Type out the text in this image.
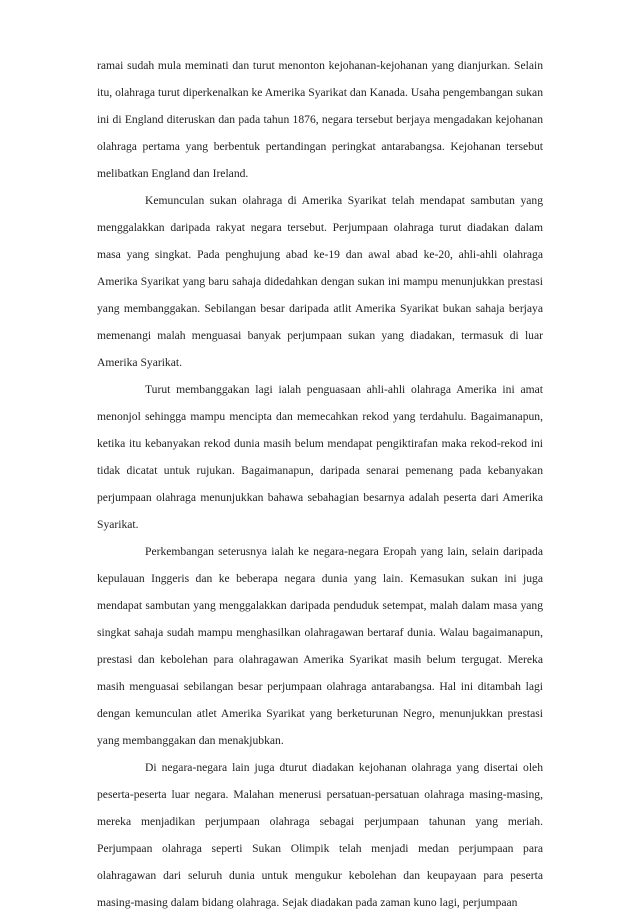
ramai sudah mula meminati dan turut menonton kejohanan-kejohanan yang dianjurkan. Selain itu, olahraga turut diperkenalkan ke Amerika Syarikat dan Kanada. Usaha pengembangan sukan ini di England diteruskan dan pada tahun 1876, negara tersebut berjaya mengadakan kejohanan olahraga pertama yang berbentuk pertandingan peringkat antarabangsa. Kejohanan tersebut melibatkan England dan Ireland.

Kemunculan sukan olahraga di Amerika Syarikat telah mendapat sambutan yang menggalakkan daripada rakyat negara tersebut. Perjumpaan olahraga turut diadakan dalam masa yang singkat. Pada penghujung abad ke-19 dan awal abad ke-20, ahli-ahli olahraga Amerika Syarikat yang baru sahaja didedahkan dengan sukan ini mampu menunjukkan prestasi yang membanggakan. Sebilangan besar daripada atlit Amerika Syarikat bukan sahaja berjaya memenangi malah menguasai banyak perjumpaan sukan yang diadakan, termasuk di luar Amerika Syarikat.

Turut membanggakan lagi ialah penguasaan ahli-ahli olahraga Amerika ini amat menonjol sehingga mampu mencipta dan memecahkan rekod yang terdahulu. Bagaimanapun, ketika itu kebanyakan rekod dunia masih belum mendapat pengiktirafan maka rekod-rekod ini tidak dicatat untuk rujukan. Bagaimanapun, daripada senarai pemenang pada kebanyakan perjumpaan olahraga menunjukkan bahawa sebahagian besarnya adalah peserta dari Amerika Syarikat.

Perkembangan seterusnya ialah ke negara-negara Eropah yang lain, selain daripada kepulauan Inggeris dan ke beberapa negara dunia yang lain. Kemasukan sukan ini juga mendapat sambutan yang menggalakkan daripada penduduk setempat, malah dalam masa yang singkat sahaja sudah mampu menghasilkan olahragawan bertaraf dunia. Walau bagaimanapun, prestasi dan kebolehan para olahragawan Amerika Syarikat masih belum tergugat. Mereka masih menguasai sebilangan besar perjumpaan olahraga antarabangsa. Hal ini ditambah lagi dengan kemunculan atlet Amerika Syarikat yang berketurunan Negro, menunjukkan prestasi yang membanggakan dan menakjubkan.

Di negara-negara lain juga dturut diadakan kejohanan olahraga yang disertai oleh peserta-peserta luar negara. Malahan menerusi persatuan-persatuan olahraga masing-masing, mereka menjadikan perjumpaan olahraga sebagai perjumpaan tahunan yang meriah. Perjumpaan olahraga seperti Sukan Olimpik telah menjadi medan perjumpaan para olahragawan dari seluruh dunia untuk mengukur kebolehan dan keupayaan para peserta masing-masing dalam bidang olahraga. Sejak diadakan pada zaman kuno lagi, perjumpaan
